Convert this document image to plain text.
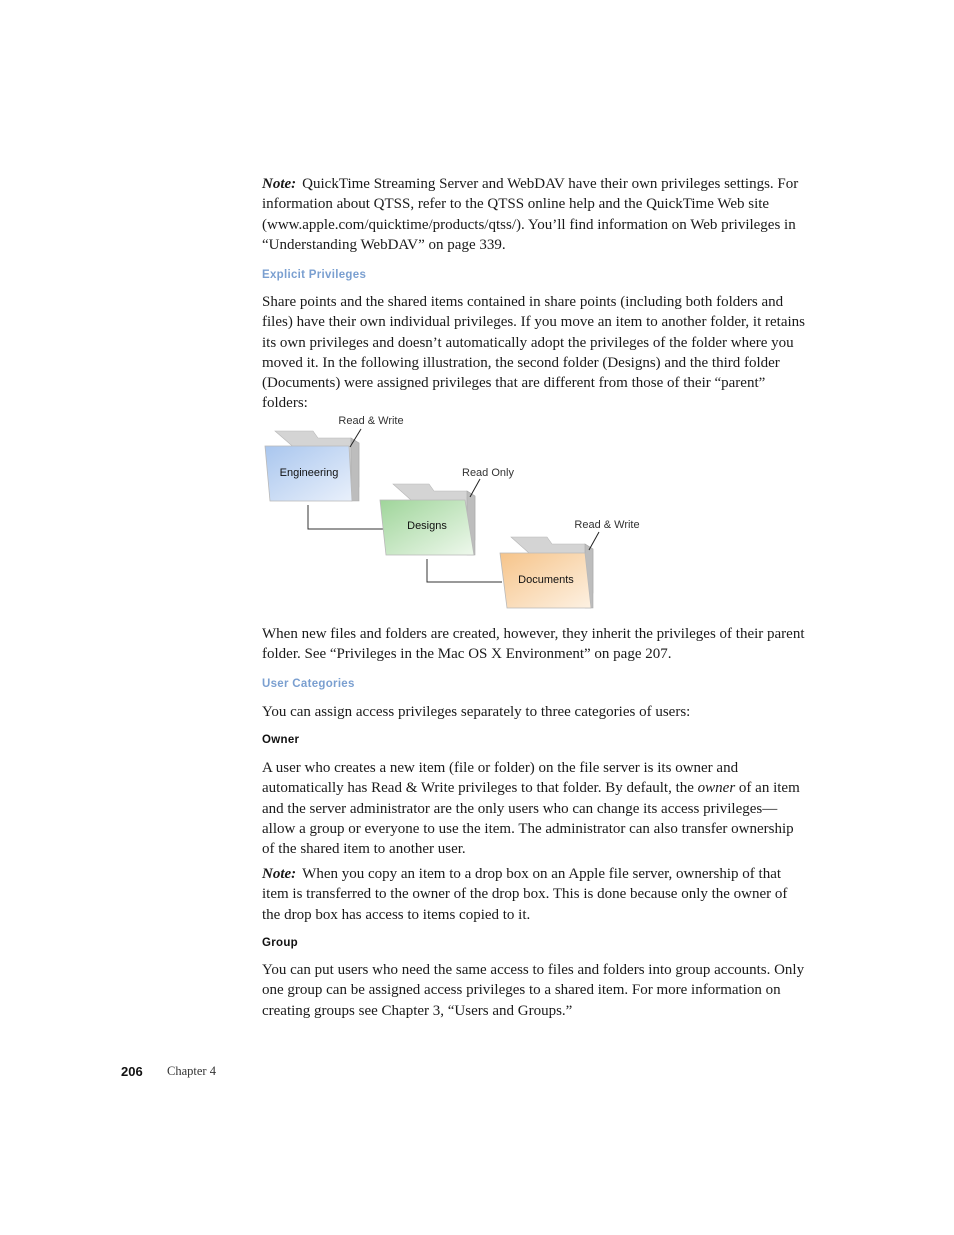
Note: QuickTime Streaming Server and WebDAV have their own privileges settings. For information about QTSS, refer to the QTSS online help and the QuickTime Web site (www.apple.com/quicktime/products/qtss/). You’ll find information on Web privileges in “Understanding WebDAV” on page 339.

Explicit Privileges

Share points and the shared items contained in share points (including both folders and files) have their own individual privileges. If you move an item to another folder, it retains its own privileges and doesn’t automatically adopt the privileges of the folder where you moved it. In the following illustration, the second folder (Designs) and the third folder (Documents) were assigned privileges that are different from those of their “parent” folders:

Engineering
Read & Write
Designs
Read Only
Documents
Read & Write

When new files and folders are created, however, they inherit the privileges of their parent folder. See “Privileges in the Mac OS X Environment” on page 207.

User Categories

You can assign access privileges separately to three categories of users:

Owner

A user who creates a new item (file or folder) on the file server is its owner and automatically has Read & Write privileges to that folder. By default, the owner of an item and the server administrator are the only users who can change its access privileges—allow a group or everyone to use the item. The administrator can also transfer ownership of the shared item to another user.

Note: When you copy an item to a drop box on an Apple file server, ownership of that item is transferred to the owner of the drop box. This is done because only the owner of the drop box has access to items copied to it.

Group

You can put users who need the same access to files and folders into group accounts. Only one group can be assigned access privileges to a shared item. For more information on creating groups see Chapter 3, “Users and Groups.”

206 Chapter 4
